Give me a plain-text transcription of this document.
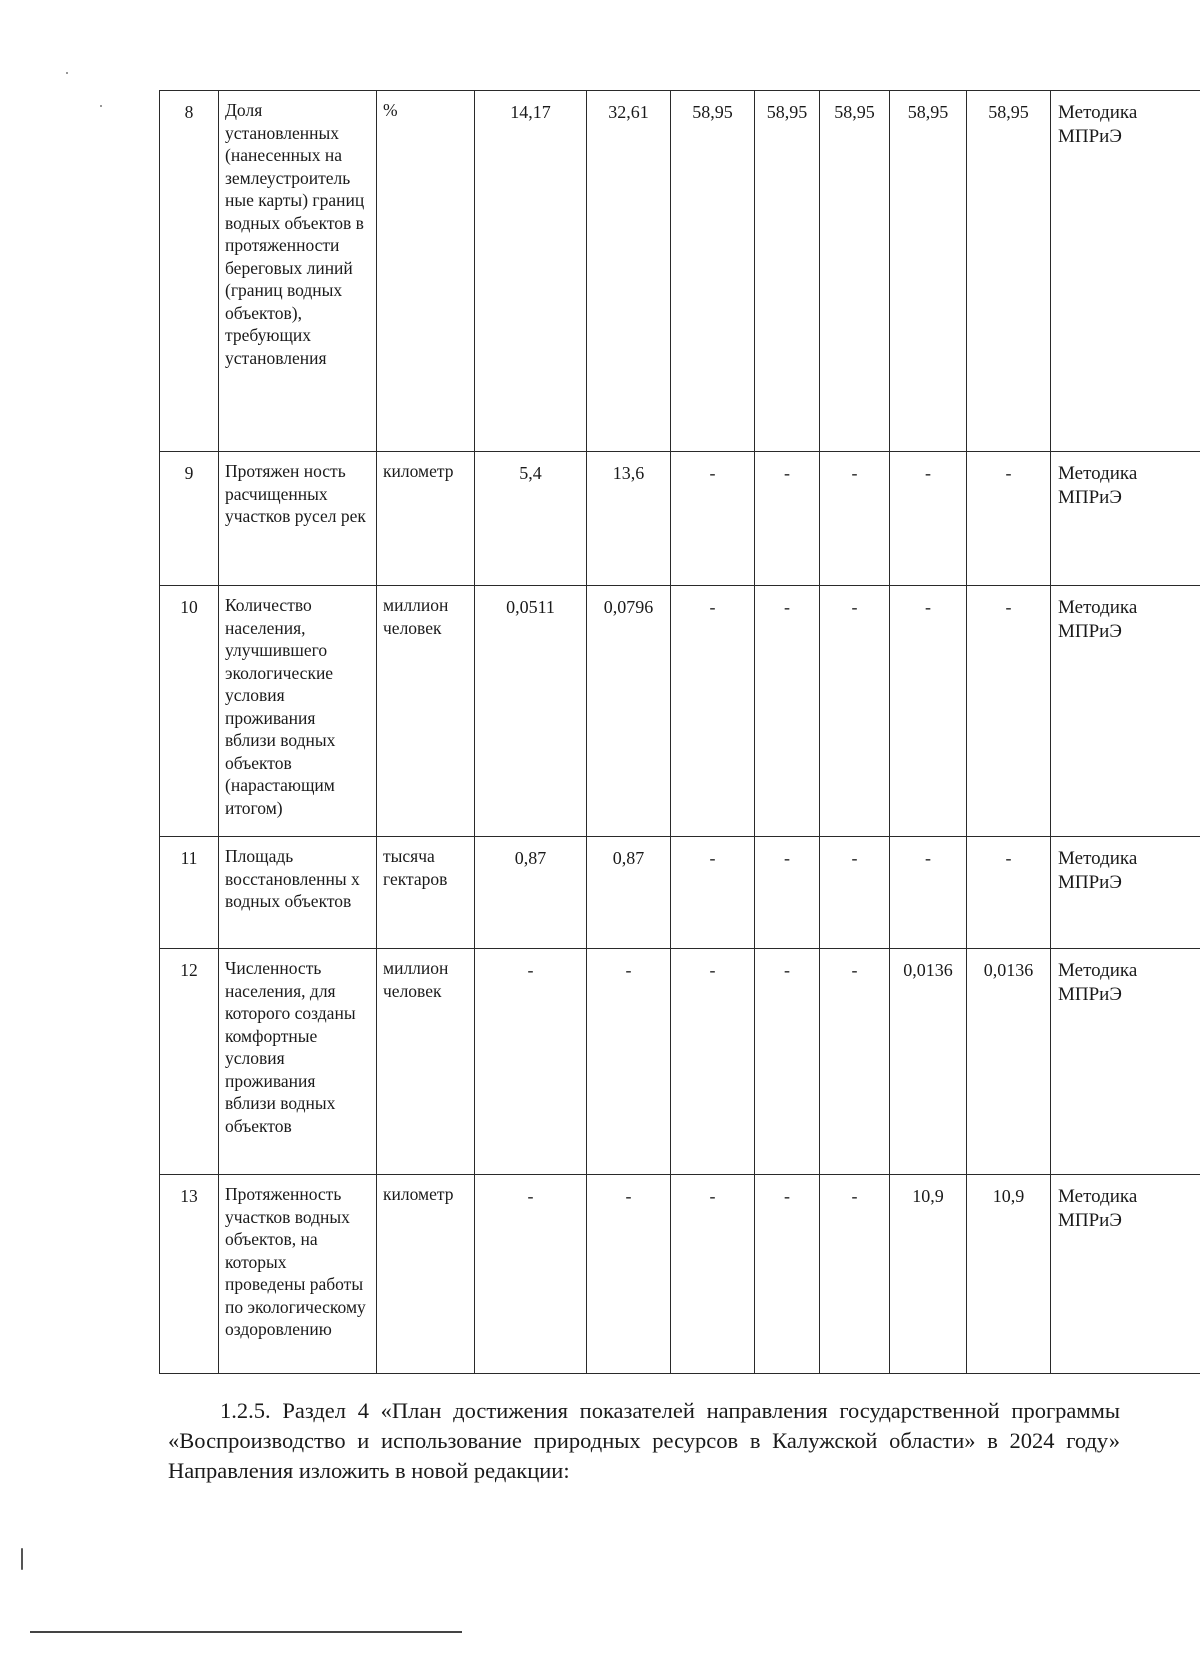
8	Доля установленных (нанесенных на землеустроитель ные карты) границ водных объектов в протяженности береговых линий (границ водных объектов), требующих установления	%	14,17	32,61	58,95	58,95	58,95	58,95	58,95	Методика МПРиЭ
9	Протяжен ность расчищенных участков русел рек	километр	5,4	13,6	-	-	-	-	-	Методика МПРиЭ
10	Количество населения, улучшившего экологические условия проживания вблизи водных объектов (нарастающим итогом)	миллион человек	0,0511	0,0796	-	-	-	-	-	Методика МПРиЭ
11	Площадь восстановленны х водных объектов	тысяча гектаров	0,87	0,87	-	-	-	-	-	Методика МПРиЭ
12	Численность населения, для которого созданы комфортные условия проживания вблизи водных объектов	миллион человек	-	-	-	-	-	0,0136	0,0136	Методика МПРиЭ
13	Протяженность участков водных объектов, на которых проведены работы по экологическому оздоровлению	километр	-	-	-	-	-	10,9	10,9	Методика МПРиЭ

1.2.5. Раздел 4 «План достижения показателей направления государственной программы «Воспроизводство и использование природных ресурсов в Калужской области» в 2024 году» Направления изложить в новой редакции:
